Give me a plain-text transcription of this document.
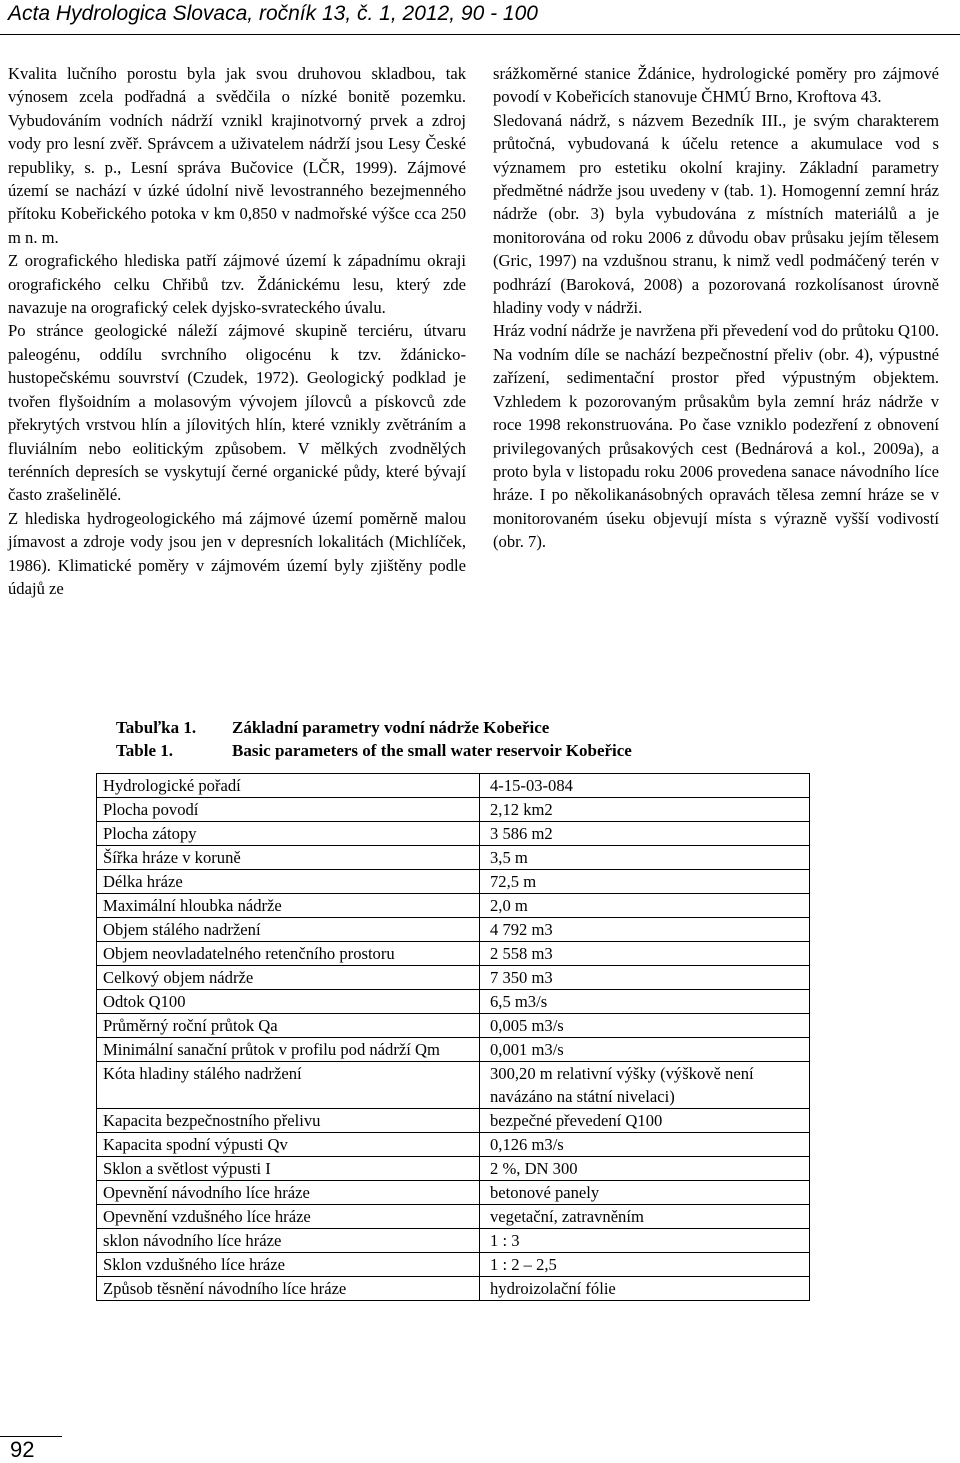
Acta Hydrologica Slovaca, ročník 13, č. 1, 2012, 90 - 100

Kvalita lučního porostu byla jak svou druhovou skladbou, tak výnosem zcela podřadná a svědčila o nízké bonitě pozemku. Vybudováním vodních nádrží vznikl krajinotvorný prvek a zdroj vody pro lesní zvěř. Správcem a uživatelem nádrží jsou Lesy České republiky, s. p., Lesní správa Bučovice (LČR, 1999). Zájmové území se nachází v úzké údolní nivě levostranného bezejmenného přítoku Kobeřického potoka v km 0,850 v nadmořské výšce cca 250 m n. m.

Z orografického hlediska patří zájmové území k západnímu okraji orografického celku Chřibů tzv. Ždánickému lesu, který zde navazuje na orografický celek dyjsko-svrateckého úvalu.

Po stránce geologické náleží zájmové skupině terciéru, útvaru paleogénu, oddílu svrchního oligocénu k tzv. ždánicko-hustopečskému souvrství (Czudek, 1972). Geologický podklad je tvořen flyšoidním a molasovým vývojem jílovců a pískovců zde překrytých vrstvou hlín a jílovitých hlín, které vznikly zvětráním a fluviálním nebo eolitickým způsobem. V mělkých zvodnělých terénních depresích se vyskytují černé organické půdy, které bývají často zrašelinělé.

Z hlediska hydrogeologického má zájmové území poměrně malou jímavost a zdroje vody jsou jen v depresních lokalitách (Michlíček, 1986). Klimatické poměry v zájmovém území byly zjištěny podle údajů ze

srážkoměrné stanice Ždánice, hydrologické poměry pro zájmové povodí v Kobeřicích stanovuje ČHMÚ Brno, Kroftova 43.

Sledovaná nádrž, s názvem Bezedník III., je svým charakterem průtočná, vybudovaná k účelu retence a akumulace vod s významem pro estetiku okolní krajiny. Základní parametry předmětné nádrže jsou uvedeny v (tab. 1). Homogenní zemní hráz nádrže (obr. 3) byla vybudována z místních materiálů a je monitorována od roku 2006 z důvodu obav průsaku jejím tělesem (Gric, 1997) na vzdušnou stranu, k nimž vedl podmáčený terén v podhrází (Baroková, 2008) a pozorovaná rozkolísanost úrovně hladiny vody v nádrži.

Hráz vodní nádrže je navržena při převedení vod do průtoku Q100. Na vodním díle se nachází bezpečnostní přeliv (obr. 4), výpustné zařízení, sedimentační prostor před výpustným objektem. Vzhledem k pozorovaným průsakům byla zemní hráz nádrže v roce 1998 rekonstruována. Po čase vzniklo podezření z obnovení privilegovaných průsakových cest (Bednárová a kol., 2009a), a proto byla v listopadu roku 2006 provedena sanace návodního líce hráze. I po několikanásobných opravách tělesa zemní hráze se v monitorovaném úseku objevují místa s výrazně vyšší vodivostí (obr. 7).

Tabuľka 1.	Základní parametry vodní nádrže Kobeřice
Table 1.	Basic parameters of the small water reservoir Kobeřice
Hydrologické pořadí	4-15-03-084
Plocha povodí	2,12 km2
Plocha zátopy	3 586 m2
Šířka hráze v koruně	3,5 m
Délka hráze	72,5 m
Maximální hloubka nádrže	2,0 m
Objem stálého nadržení	4 792 m3
Objem neovladatelného retenčního prostoru	2 558 m3
Celkový objem nádrže	7 350 m3
Odtok Q100	6,5 m3/s
Průměrný roční průtok Qa	0,005 m3/s
Minimální sanační průtok v profilu pod nádrží Qm	0,001 m3/s
Kóta hladiny stálého nadržení	300,20 m relativní výšky (výškově není navázáno na státní nivelaci)
Kapacita bezpečnostního přelivu	bezpečné převedení Q100
Kapacita spodní výpusti Qv	0,126 m3/s
Sklon a světlost výpusti I	2 %, DN 300
Opevnění návodního líce hráze	betonové panely
Opevnění vzdušného líce hráze	vegetační, zatravněním
sklon návodního líce hráze	1 : 3
Sklon vzdušného líce hráze	1 : 2 – 2,5
Způsob těsnění návodního líce hráze	hydroizolační fólie
92
